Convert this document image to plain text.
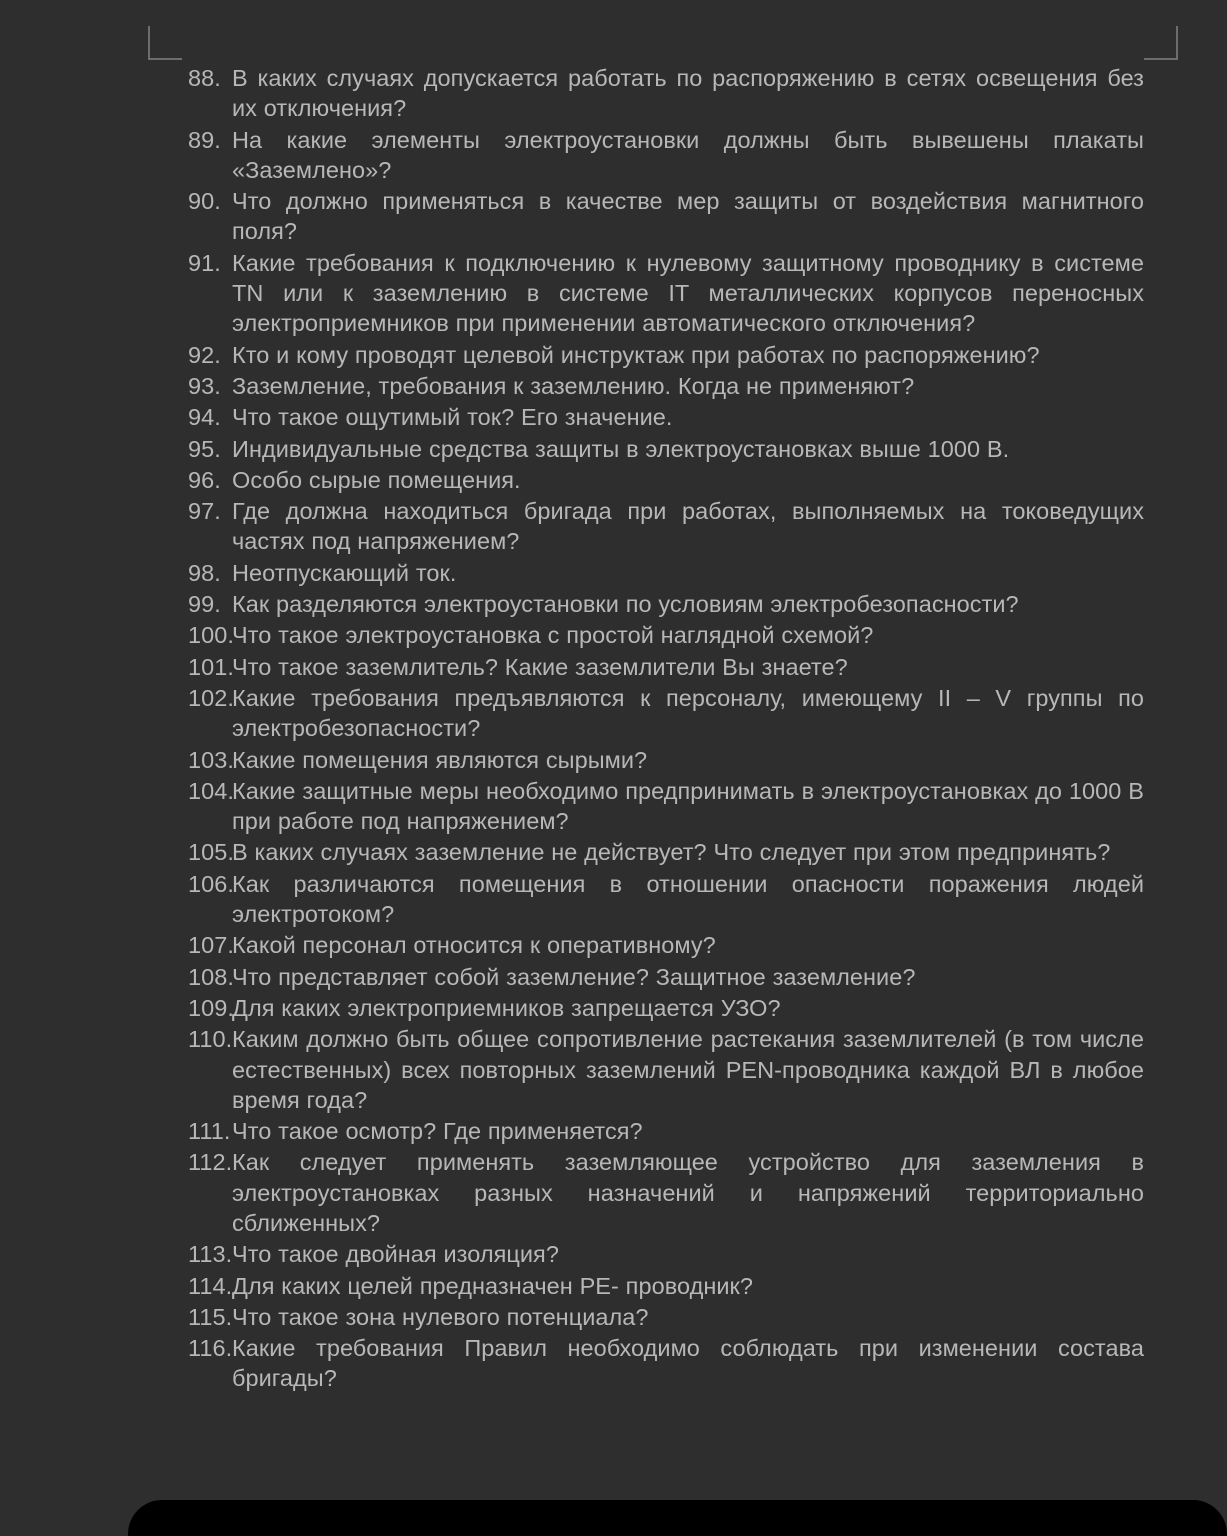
88. В каких случаях допускается работать по распоряжению в сетях освещения без их отключения?
89. На какие элементы электроустановки должны быть вывешены плакаты «Заземлено»?
90. Что должно применяться в качестве мер защиты от воздействия магнитного поля?
91. Какие требования к подключению к нулевому защитному проводнику в системе TN или к заземлению в системе IT металлических корпусов переносных электроприемников при применении автоматического отключения?
92. Кто и кому проводят целевой инструктаж при работах по распоряжению?
93. Заземление, требования к заземлению. Когда не применяют?
94. Что такое ощутимый ток? Его значение.
95. Индивидуальные средства защиты в электроустановках выше 1000 В.
96. Особо сырые помещения.
97. Где должна находиться бригада при работах, выполняемых на токоведущих частях под напряжением?
98. Неотпускающий ток.
99. Как разделяются электроустановки по условиям электробезопасности?
100.
Что такое электроустановка с простой наглядной схемой?
101.
Что такое заземлитель? Какие заземлители Вы знаете?
102.
Какие требования предъявляются к персоналу, имеющему II – V группы по электробезопасности?
103.
Какие помещения являются сырыми?
104.
Какие защитные меры необходимо предпринимать в электроустановках до 1000 В при работе под напряжением?
105.
В каких случаях заземление не действует? Что следует при этом предпринять?
106.
Как различаются помещения в отношении опасности поражения людей электротоком?
107.
Какой персонал относится к оперативному?
108.
Что представляет собой заземление? Защитное заземление?
109.
Для каких электроприемников запрещается УЗО?
110. Каким должно быть общее сопротивление растекания заземлителей (в том числе естественных) всех повторных заземлений PEN-проводника каждой ВЛ в любое время года?
111. Что такое осмотр? Где применяется?
112. Как следует применять заземляющее устройство для заземления в электроустановках разных назначений и напряжений территориально сближенных?
113. Что такое двойная изоляция?
114. Для каких целей предназначен PE- проводник?
115. Что такое зона нулевого потенциала?
116. Какие требования Правил необходимо соблюдать при изменении состава бригады?
